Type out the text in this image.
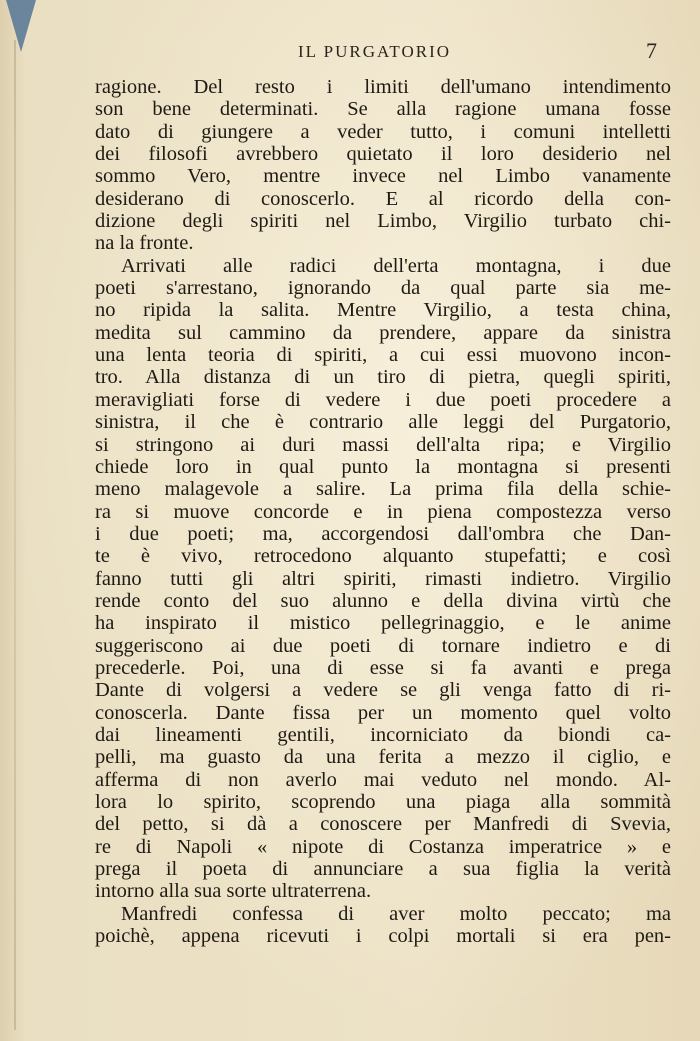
IL PURGATORIO	7
ragione. Del resto i limiti dell'umano intendimento
son bene determinati. Se alla ragione umana fosse
dato di giungere a veder tutto, i comuni intelletti
dei filosofi avrebbero quietato il loro desiderio nel
sommo Vero, mentre invece nel Limbo vanamente
desiderano di conoscerlo. E al ricordo della con-
dizione degli spiriti nel Limbo, Virgilio turbato chi-
na la fronte.
Arrivati alle radici dell'erta montagna, i due
poeti s'arrestano, ignorando da qual parte sia me-
no ripida la salita. Mentre Virgilio, a testa china,
medita sul cammino da prendere, appare da sinistra
una lenta teoria di spiriti, a cui essi muovono incon-
tro. Alla distanza di un tiro di pietra, quegli spiriti,
meravigliati forse di vedere i due poeti procedere a
sinistra, il che è contrario alle leggi del Purgatorio,
si stringono ai duri massi dell'alta ripa; e Virgilio
chiede loro in qual punto la montagna si presenti
meno malagevole a salire. La prima fila della schie-
ra si muove concorde e in piena compostezza verso
i due poeti; ma, accorgendosi dall'ombra che Dan-
te è vivo, retrocedono alquanto stupefatti; e così
fanno tutti gli altri spiriti, rimasti indietro. Virgilio
rende conto del suo alunno e della divina virtù che
ha inspirato il mistico pellegrinaggio, e le anime
suggeriscono ai due poeti di tornare indietro e di
precederle. Poi, una di esse si fa avanti e prega
Dante di volgersi a vedere se gli venga fatto di ri-
conoscerla. Dante fissa per un momento quel volto
dai lineamenti gentili, incorniciato da biondi ca-
pelli, ma guasto da una ferita a mezzo il ciglio, e
afferma di non averlo mai veduto nel mondo. Al-
lora lo spirito, scoprendo una piaga alla sommità
del petto, si dà a conoscere per Manfredi di Svevia,
re di Napoli « nipote di Costanza imperatrice » e
prega il poeta di annunciare a sua figlia la verità
intorno alla sua sorte ultraterrena.
Manfredi confessa di aver molto peccato; ma
poichè, appena ricevuti i colpi mortali si era pen-
